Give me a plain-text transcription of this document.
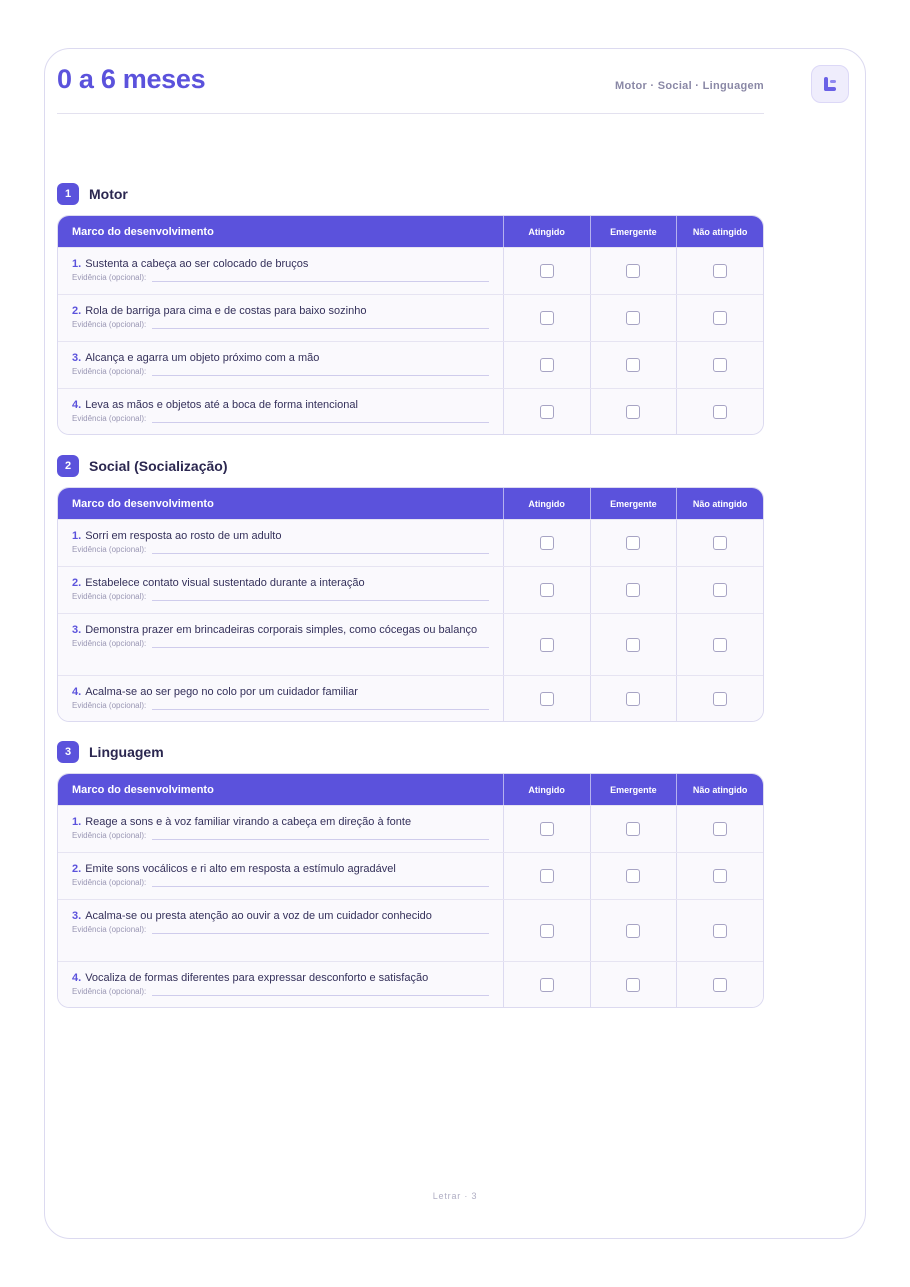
0 a 6 meses	Motor · Social · Linguagem
1	Motor
Marco do desenvolvimento	Atingido	Emergente	Não atingido
1. Sustenta a cabeça ao ser colocado de bruços
Evidência (opcional):
2. Rola de barriga para cima e de costas para baixo sozinho
Evidência (opcional):
3. Alcança e agarra um objeto próximo com a mão
Evidência (opcional):
4. Leva as mãos e objetos até a boca de forma intencional
Evidência (opcional):
2	Social (Socialização)
Marco do desenvolvimento	Atingido	Emergente	Não atingido
1. Sorri em resposta ao rosto de um adulto
Evidência (opcional):
2. Estabelece contato visual sustentado durante a interação
Evidência (opcional):
3. Demonstra prazer em brincadeiras corporais simples, como cócegas ou balanço
Evidência (opcional):
4. Acalma-se ao ser pego no colo por um cuidador familiar
Evidência (opcional):
3	Linguagem
Marco do desenvolvimento	Atingido	Emergente	Não atingido
1. Reage a sons e à voz familiar virando a cabeça em direção à fonte
Evidência (opcional):
2. Emite sons vocálicos e ri alto em resposta a estímulo agradável
Evidência (opcional):
3. Acalma-se ou presta atenção ao ouvir a voz de um cuidador conhecido
Evidência (opcional):
4. Vocaliza de formas diferentes para expressar desconforto e satisfação
Evidência (opcional):
Letrar · 3
